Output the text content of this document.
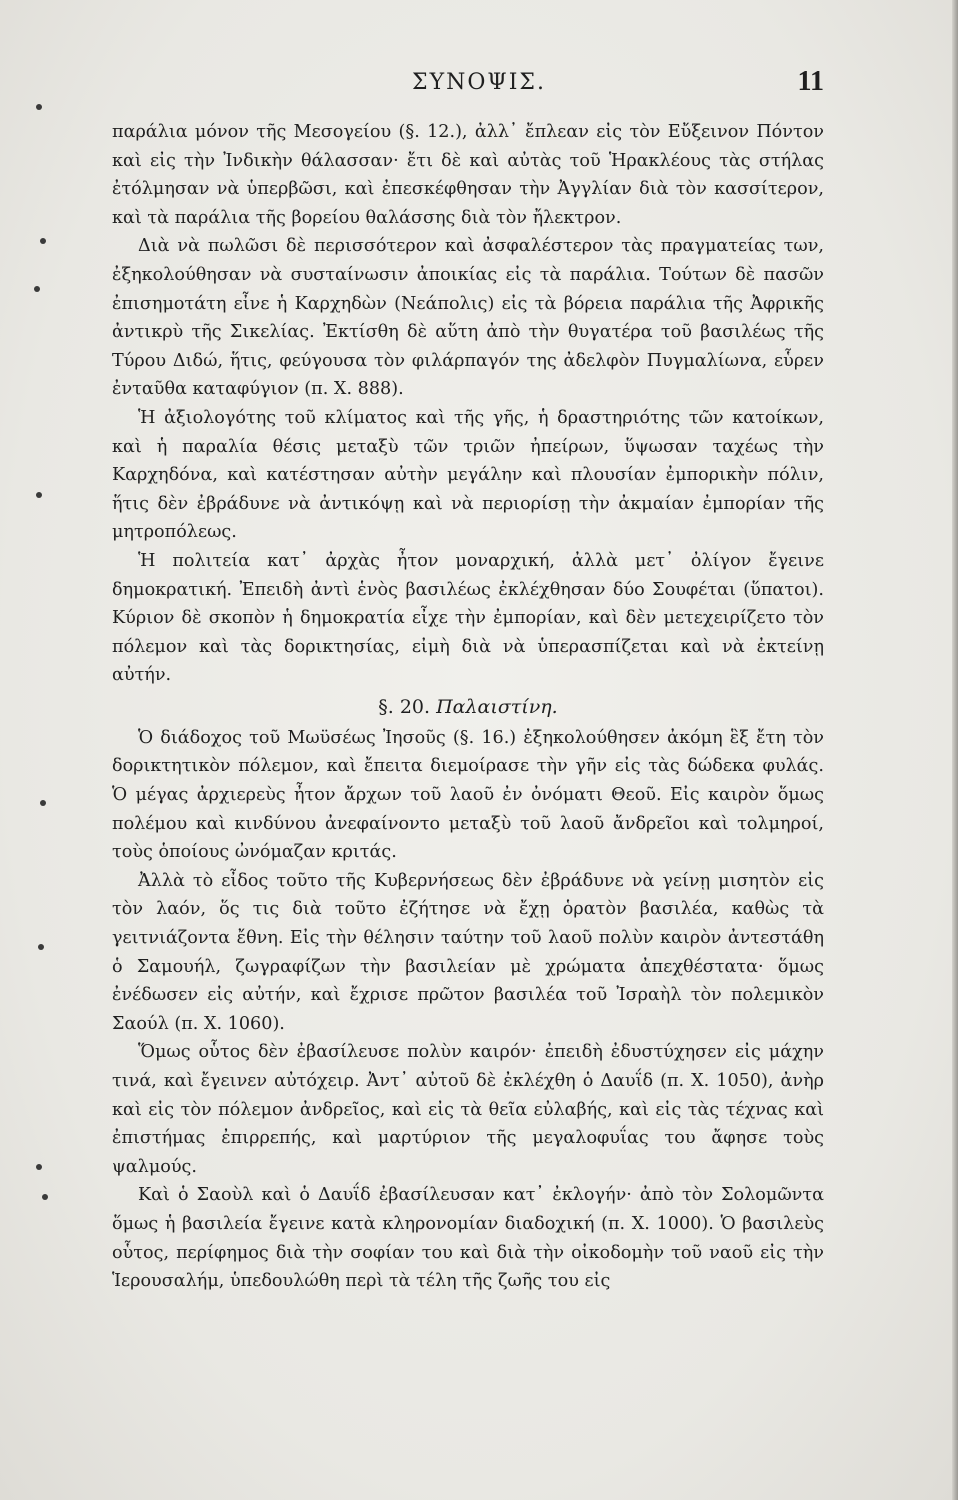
ΣΥΝΟΨΙΣ.	11

παράλια μόνον τῆς Μεσογείου (§. 12.), ἀλλ᾽ ἔπλεαν εἰς τὸν Εὔξεινον Πόντον καὶ εἰς τὴν Ἰνδικὴν θάλασσαν· ἔτι δὲ καὶ αὐτὰς τοῦ Ἡρακλέους τὰς στήλας ἐτόλμησαν νὰ ὑπερβῶσι, καὶ ἐπεσκέφθησαν τὴν Ἀγγλίαν διὰ τὸν κασσίτερον, καὶ τὰ παράλια τῆς βορείου θαλάσσης διὰ τὸν ἤλεκτρον.

Διὰ νὰ πωλῶσι δὲ περισσότερον καὶ ἀσφαλέστερον τὰς πραγματείας των, ἐξηκολούθησαν νὰ συσταίνωσιν ἀποικίας εἰς τὰ παράλια. Τούτων δὲ πασῶν ἐπισημοτάτη εἶνε ἡ Καρχηδὼν (Νεάπολις) εἰς τὰ βόρεια παράλια τῆς Ἀφρικῆς ἀντικρὺ τῆς Σικελίας. Ἐκτίσθη δὲ αὕτη ἀπὸ τὴν θυγατέρα τοῦ βασιλέως τῆς Τύρου Διδώ, ἥτις, φεύγουσα τὸν φιλάρπαγόν της ἀδελφὸν Πυγμαλίωνα, εὗρεν ἐνταῦθα καταφύγιον (π. Χ. 888).

Ἡ ἀξιολογότης τοῦ κλίματος καὶ τῆς γῆς, ἡ δραστηριότης τῶν κατοίκων, καὶ ἡ παραλία θέσις μεταξὺ τῶν τριῶν ἠπείρων, ὕψωσαν ταχέως τὴν Καρχηδόνα, καὶ κατέστησαν αὐτὴν μεγάλην καὶ πλουσίαν ἐμπορικὴν πόλιν, ἥτις δὲν ἐβράδυνε νὰ ἀντικόψῃ καὶ νὰ περιορίσῃ τὴν ἀκμαίαν ἐμπορίαν τῆς μητροπόλεως.

Ἡ πολιτεία κατ᾽ ἀρχὰς ἦτον μοναρχική, ἀλλὰ μετ᾽ ὀλίγον ἔγεινε δημοκρατική. Ἐπειδὴ ἀντὶ ἑνὸς βασιλέως ἐκλέχθησαν δύο Σουφέται (ὕπατοι). Κύριον δὲ σκοπὸν ἡ δημοκρατία εἶχε τὴν ἐμπορίαν, καὶ δὲν μετεχειρίζετο τὸν πόλεμον καὶ τὰς δορικτησίας, εἰμὴ διὰ νὰ ὑπερασπίζεται καὶ νὰ ἐκτείνῃ αὐτήν.

§. 20. Παλαιστίνη.

Ὁ διάδοχος τοῦ Μωϋσέως Ἰησοῦς (§. 16.) ἐξηκολούθησεν ἀκόμη ἓξ ἔτη τὸν δορικτητικὸν πόλεμον, καὶ ἔπειτα διεμοίρασε τὴν γῆν εἰς τὰς δώδεκα φυλάς. Ὁ μέγας ἀρχιερεὺς ἦτον ἄρχων τοῦ λαοῦ ἐν ὀνόματι Θεοῦ. Εἰς καιρὸν ὅμως πολέμου καὶ κινδύνου ἀνεφαίνοντο μεταξὺ τοῦ λαοῦ ἄνδρεῖοι καὶ τολμηροί, τοὺς ὁποίους ὠνόμαζαν κριτάς.

Ἀλλὰ τὸ εἶδος τοῦτο τῆς Κυβερνήσεως δὲν ἐβράδυνε νὰ γείνῃ μισητὸν εἰς τὸν λαόν, ὅς τις διὰ τοῦτο ἐζήτησε νὰ ἔχῃ ὁρατὸν βασιλέα, καθὼς τὰ γειτνιάζοντα ἔθνη. Εἰς τὴν θέλησιν ταύτην τοῦ λαοῦ πολὺν καιρὸν ἀντεστάθη ὁ Σαμουήλ, ζωγραφίζων τὴν βασιλείαν μὲ χρώματα ἀπεχθέστατα· ὅμως ἐνέδωσεν εἰς αὐτήν, καὶ ἔχρισε πρῶτον βασιλέα τοῦ Ἰσραὴλ τὸν πολεμικὸν Σαούλ (π. Χ. 1060).

Ὅμως οὗτος δὲν ἐβασίλευσε πολὺν καιρόν· ἐπειδὴ ἐδυστύχησεν εἰς μάχην τινά, καὶ ἔγεινεν αὐτόχειρ. Ἀντ᾽ αὐτοῦ δὲ ἐκλέχθη ὁ Δαυΐδ (π. Χ. 1050), ἀνὴρ καὶ εἰς τὸν πόλεμον ἀνδρεῖος, καὶ εἰς τὰ θεῖα εὐλαβής, καὶ εἰς τὰς τέχνας καὶ ἐπιστήμας ἐπιρρεπής, καὶ μαρτύριον τῆς μεγαλοφυΐας του ἄφησε τοὺς ψαλμούς.

Καὶ ὁ Σαοὺλ καὶ ὁ Δαυΐδ ἐβασίλευσαν κατ᾽ ἐκλογήν· ἀπὸ τὸν Σολομῶντα ὅμως ἡ βασιλεία ἔγεινε κατὰ κληρονομίαν διαδοχική (π. Χ. 1000). Ὁ βασιλεὺς οὗτος, περίφημος διὰ τὴν σοφίαν του καὶ διὰ τὴν οἰκοδομὴν τοῦ ναοῦ εἰς τὴν Ἱερουσαλήμ, ὑπεδουλώθη περὶ τὰ τέλη τῆς ζωῆς του εἰς
